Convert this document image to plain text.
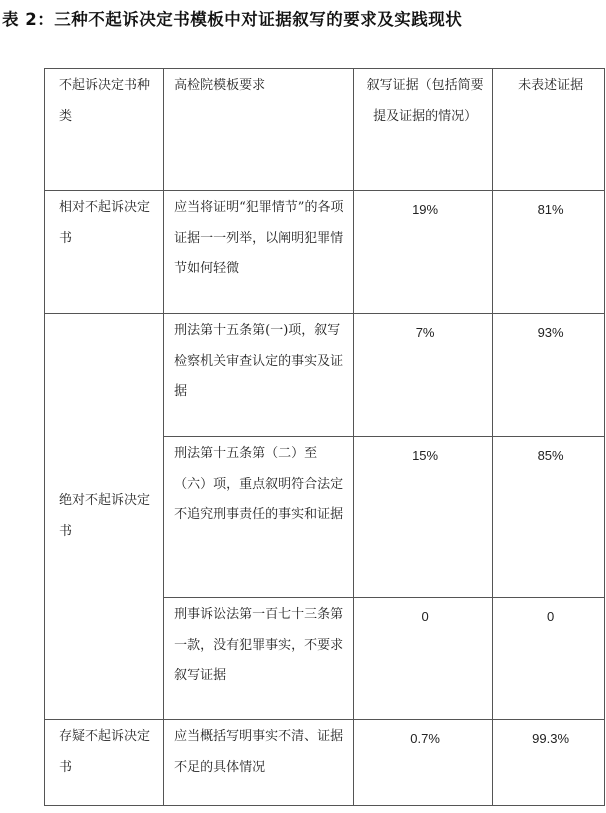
表 2：三种不起诉决定书模板中对证据叙写的要求及实践现状
不起诉决定书种类	高检院模板要求	叙写证据（包括简要提及证据的情况）	未表述证据
相对不起诉决定书	应当将证明“犯罪情节”的各项证据一一列举，以阐明犯罪情节如何轻微	19%	81%
绝对不起诉决定书	刑法第十五条第(一)项，叙写检察机关审查认定的事实及证据	7%	93%
	刑法第十五条第（二）至（六）项，重点叙明符合法定不追究刑事责任的事实和证据	15%	85%
	刑事诉讼法第一百七十三条第一款，没有犯罪事实，不要求叙写证据	0	0
存疑不起诉决定书	应当概括写明事实不清、证据不足的具体情况	0.7%	99.3%
